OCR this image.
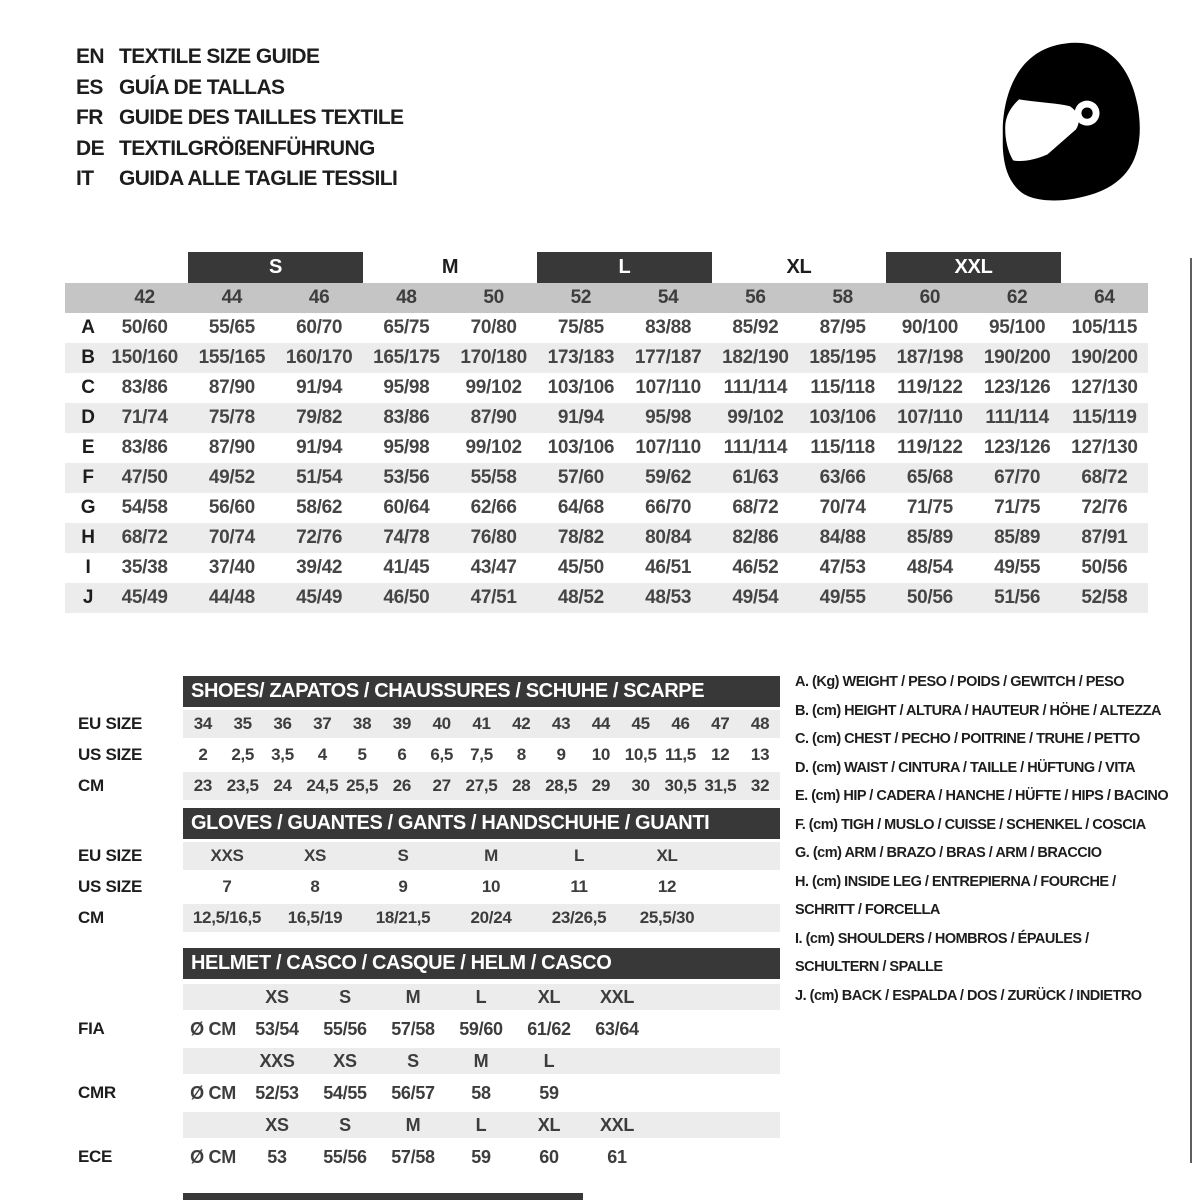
EN TEXTILE SIZE GUIDE
ES GUÍA DE TALLAS
FR GUIDE DES TAILLES TEXTILE
DE TEXTILGRÖßENFÜHRUNG
IT	GUIDA ALLE TAGLIE TESSILI
S	M	L	XL	XXL
42	44	46	48	50	52	54	56	58	60	62	64
A	50/60	55/65	60/70	65/75	70/80	75/85	83/88	85/92	87/95	90/100	95/100	105/115
B 150/160	155/165	160/170	165/175	170/180	173/183	177/187	182/190	185/195	187/198	190/200	190/200
C	83/86	87/90	91/94	95/98	99/102	103/106	107/110	111/114	115/118	119/122	123/126	127/130
D	71/74	75/78	79/82	83/86	87/90	91/94	95/98	99/102	103/106	107/110	111/114	115/119
E	83/86	87/90	91/94	95/98	99/102	103/106	107/110	111/114	115/118	119/122	123/126	127/130
F	47/50	49/52	51/54	53/56	55/58	57/60	59/62	61/63	63/66	65/68	67/70	68/72
G	54/58	56/60	58/62	60/64	62/66	64/68	66/70	68/72	70/74	71/75	71/75	72/76
H	68/72	70/74	72/76	74/78	76/80	78/82	80/84	82/86	84/88	85/89	85/89	87/91
I	35/38	37/40	39/42	41/45	43/47	45/50	46/51	46/52	47/53	48/54	49/55	50/56
J	45/49	44/48	45/49	46/50	47/51	48/52	48/53	49/54	49/55	50/56	51/56	52/58
SHOES/ ZAPATOS / CHAUSSURES / SCHUHE / SCARPE
EU SIZE	34	35	36	37	38	39	40	41	42	43	44	45	46	47	48
US SIZE	2	2,5	3,5	4	5	6	6,5	7,5	8	9	10 10,5 11,5 12	13
CM	23 23,5 24 24,5 25,5 26	27 27,5 28 28,5 29	30 30,5 31,5 32
GLOVES / GUANTES / GANTS / HANDSCHUHE / GUANTI
EU SIZE	XXS	XS	S	M	L	XL
US SIZE	7	8	9	10	11	12
CM	12,5/16,5	16,5/19	18/21,5	20/24	23/26,5	25,5/30
HELMET / CASCO / CASQUE / HELM / CASCO
XS	S	M	L	XL	XXL
FIA	Ø CM	53/54	55/56	57/58	59/60	61/62	63/64
XXS	XS	S	M	L
CMR	Ø CM	52/53	54/55	56/57	58	59
XS	S	M	L	XL	XXL
ECE	Ø CM	53	55/56	57/58	59	60	61
A. (Kg) WEIGHT / PESO / POIDS / GEWITCH / PESO
B. (cm) HEIGHT / ALTURA / HAUTEUR / HÖHE / ALTEZZA
C. (cm) CHEST / PECHO / POITRINE / TRUHE / PETTO
D. (cm) WAIST / CINTURA / TAILLE / HÜFTUNG / VITA
E. (cm) HIP / CADERA / HANCHE / HÜFTE / HIPS / BACINO
F. (cm) TIGH / MUSLO / CUISSE / SCHENKEL / COSCIA
G. (cm) ARM / BRAZO / BRAS / ARM / BRACCIO
H. (cm) INSIDE LEG / ENTREPIERNA / FOURCHE /
SCHRITT / FORCELLA
I. (cm) SHOULDERS / HOMBROS / ÉPAULES /
SCHULTERN / SPALLE
J. (cm) BACK / ESPALDA / DOS / ZURÜCK / INDIETRO
